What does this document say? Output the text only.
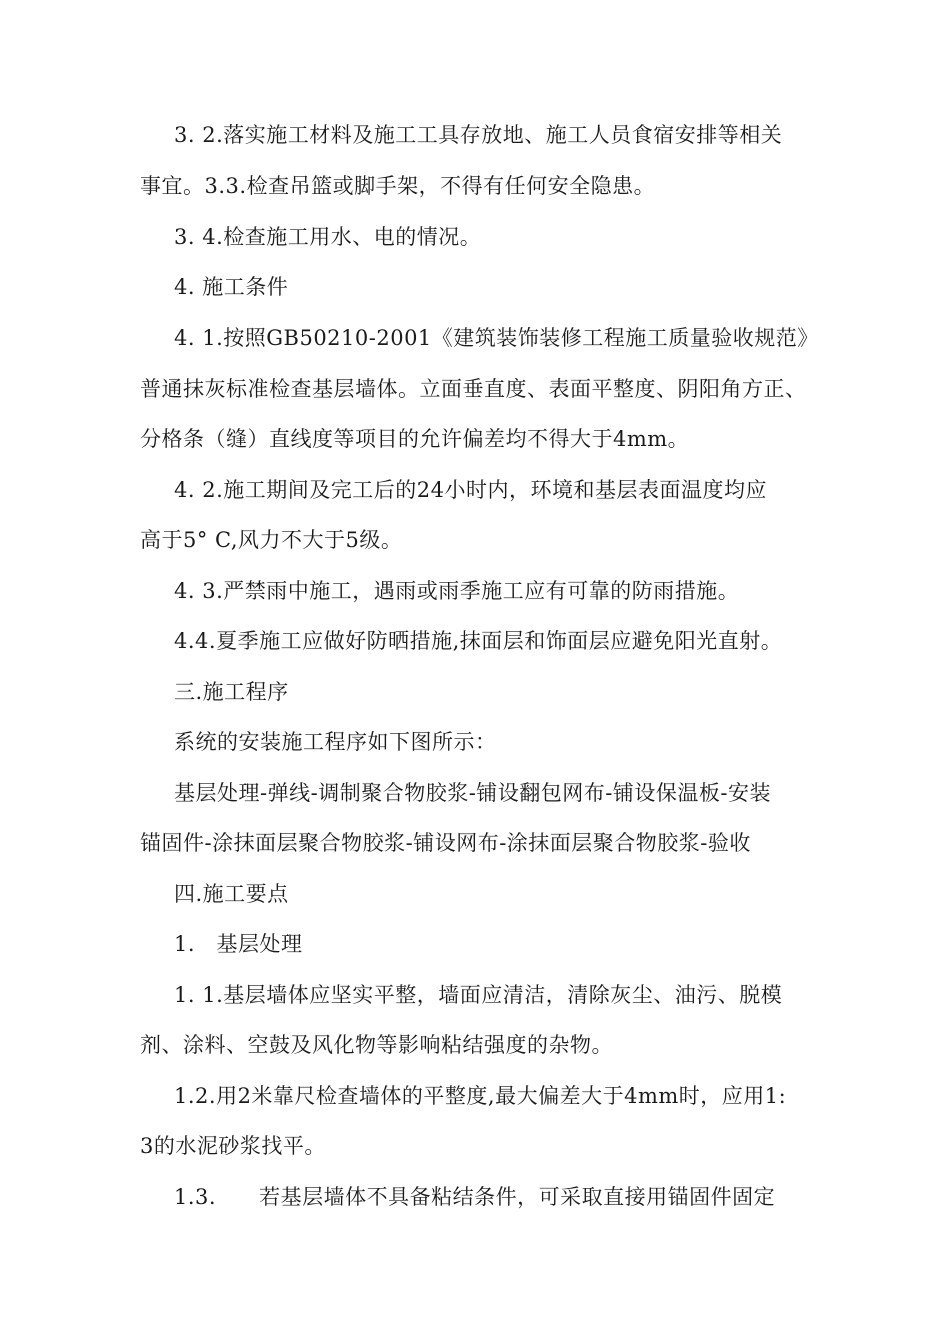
3. 2.落实施工材料及施工工具存放地、施工人员食宿安排等相关

事宜。3.3.检查吊篮或脚手架，不得有任何安全隐患。

3. 4.检查施工用水、电的情况。

4. 施工条件

4. 1.按照GB50210-2001《建筑装饰装修工程施工质量验收规范》

普通抹灰标准检查基层墙体。立面垂直度、表面平整度、阴阳角方正、

分格条（缝）直线度等项目的允许偏差均不得大于4mm。

4. 2.施工期间及完工后的24小时内，环境和基层表面温度均应

高于5° C,风力不大于5级。

4. 3.严禁雨中施工，遇雨或雨季施工应有可靠的防雨措施。

4.4.夏季施工应做好防晒措施,抹面层和饰面层应避免阳光直射。

三.施工程序

系统的安装施工程序如下图所示：

基层处理-弹线-调制聚合物胶浆-铺设翻包网布-铺设保温板-安装

锚固件-涂抹面层聚合物胶浆-铺设网布-涂抹面层聚合物胶浆-验收

四.施工要点

1.　基层处理

1. 1.基层墙体应坚实平整，墙面应清洁，清除灰尘、油污、脱模

剂、涂料、空鼓及风化物等影响粘结强度的杂物。

1.2.用2米靠尺检查墙体的平整度,最大偏差大于4mm时，应用1:

3的水泥砂浆找平。

1.3.　　若基层墙体不具备粘结条件，可采取直接用锚固件固定
